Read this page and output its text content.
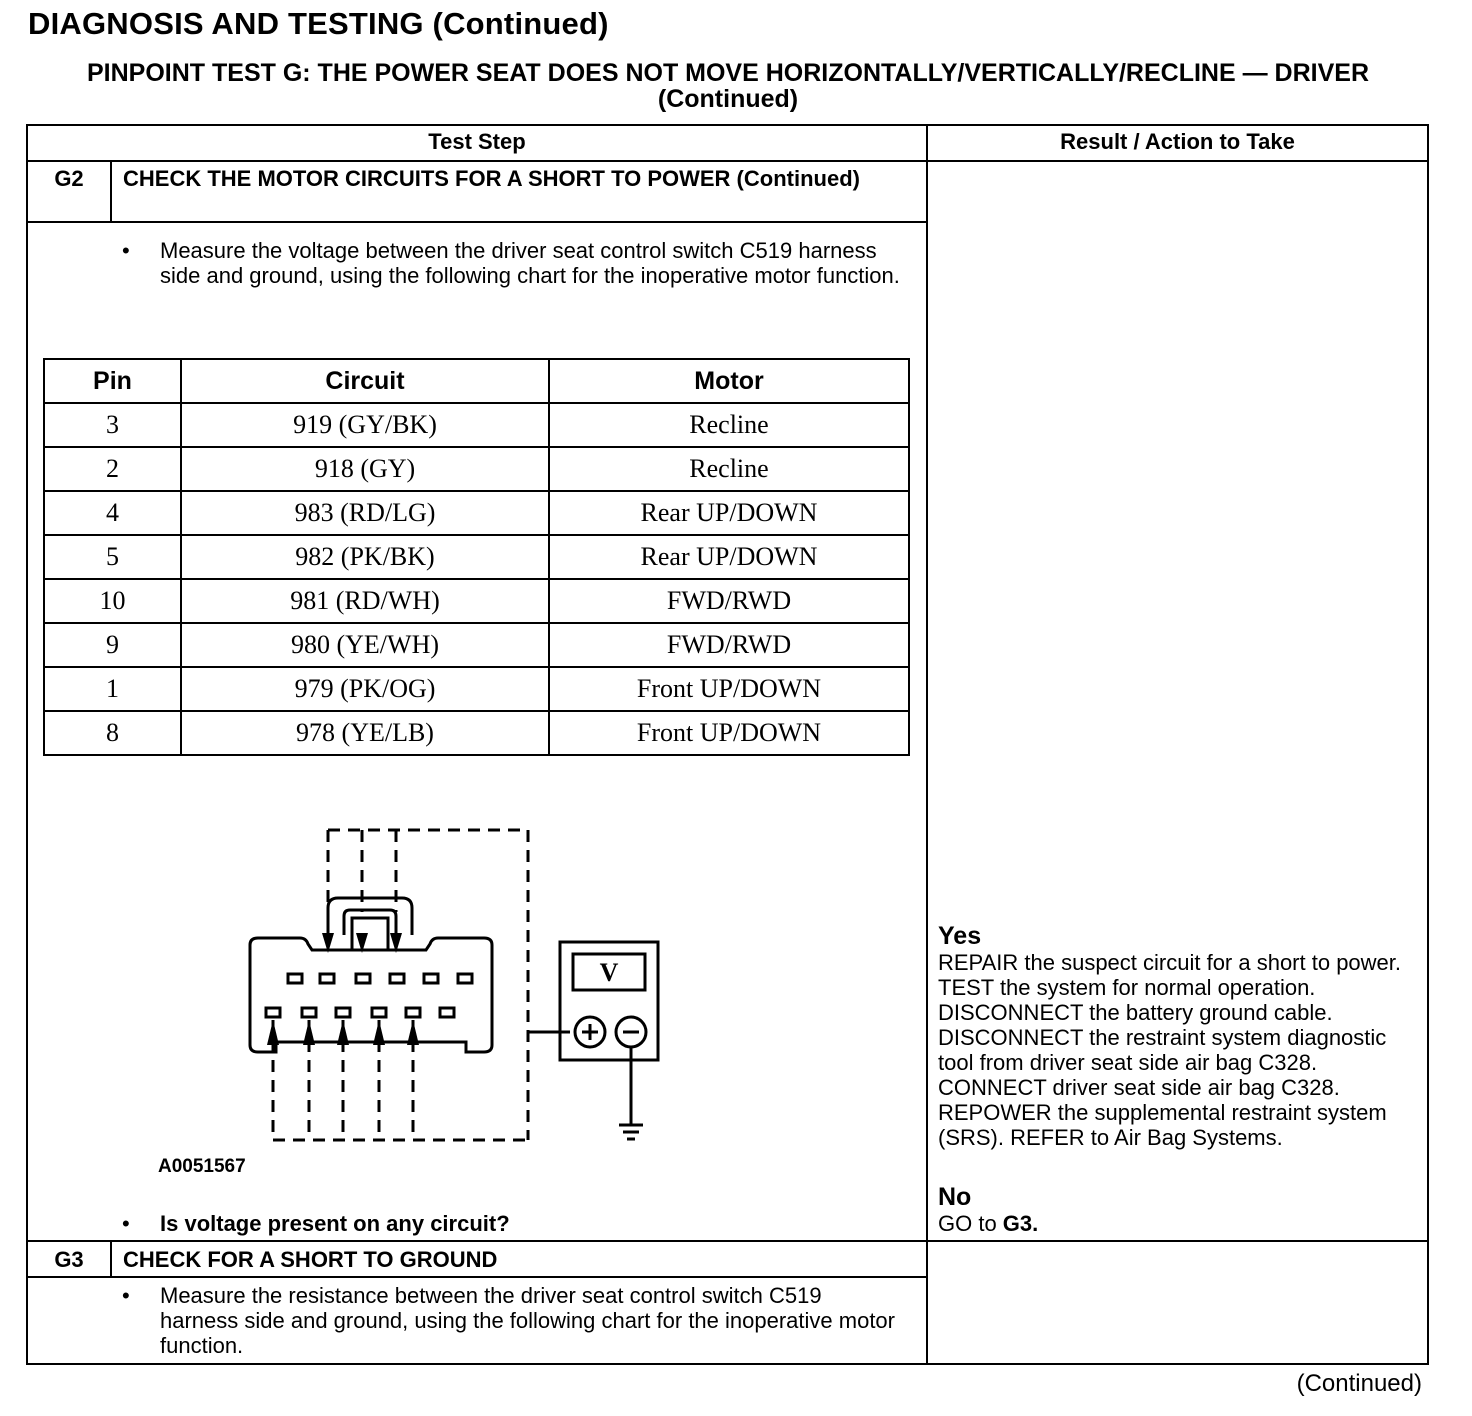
DIAGNOSIS AND TESTING (Continued)
PINPOINT TEST G: THE POWER SEAT DOES NOT MOVE HORIZONTALLY/VERTICALLY/RECLINE — DRIVER (Continued)
Test Step	Result / Action to Take
G2	CHECK THE MOTOR CIRCUITS FOR A SHORT TO POWER (Continued)
• Measure the voltage between the driver seat control switch C519 harness side and ground, using the following chart for the inoperative motor function.
Pin	Circuit	Motor
3	919 (GY/BK)	Recline
2	918 (GY)	Recline
4	983 (RD/LG)	Rear UP/DOWN
5	982 (PK/BK)	Rear UP/DOWN
10	981 (RD/WH)	FWD/RWD
9	980 (YE/WH)	FWD/RWD
1	979 (PK/OG)	Front UP/DOWN
8	978 (YE/LB)	Front UP/DOWN
V
A0051567
• Is voltage present on any circuit?
Yes
REPAIR the suspect circuit for a short to power. TEST the system for normal operation. DISCONNECT the battery ground cable. DISCONNECT the restraint system diagnostic tool from driver seat side air bag C328. CONNECT driver seat side air bag C328. REPOWER the supplemental restraint system (SRS). REFER to Air Bag Systems.
No
GO to G3.
G3	CHECK FOR A SHORT TO GROUND
• Measure the resistance between the driver seat control switch C519 harness side and ground, using the following chart for the inoperative motor function.
(Continued)
